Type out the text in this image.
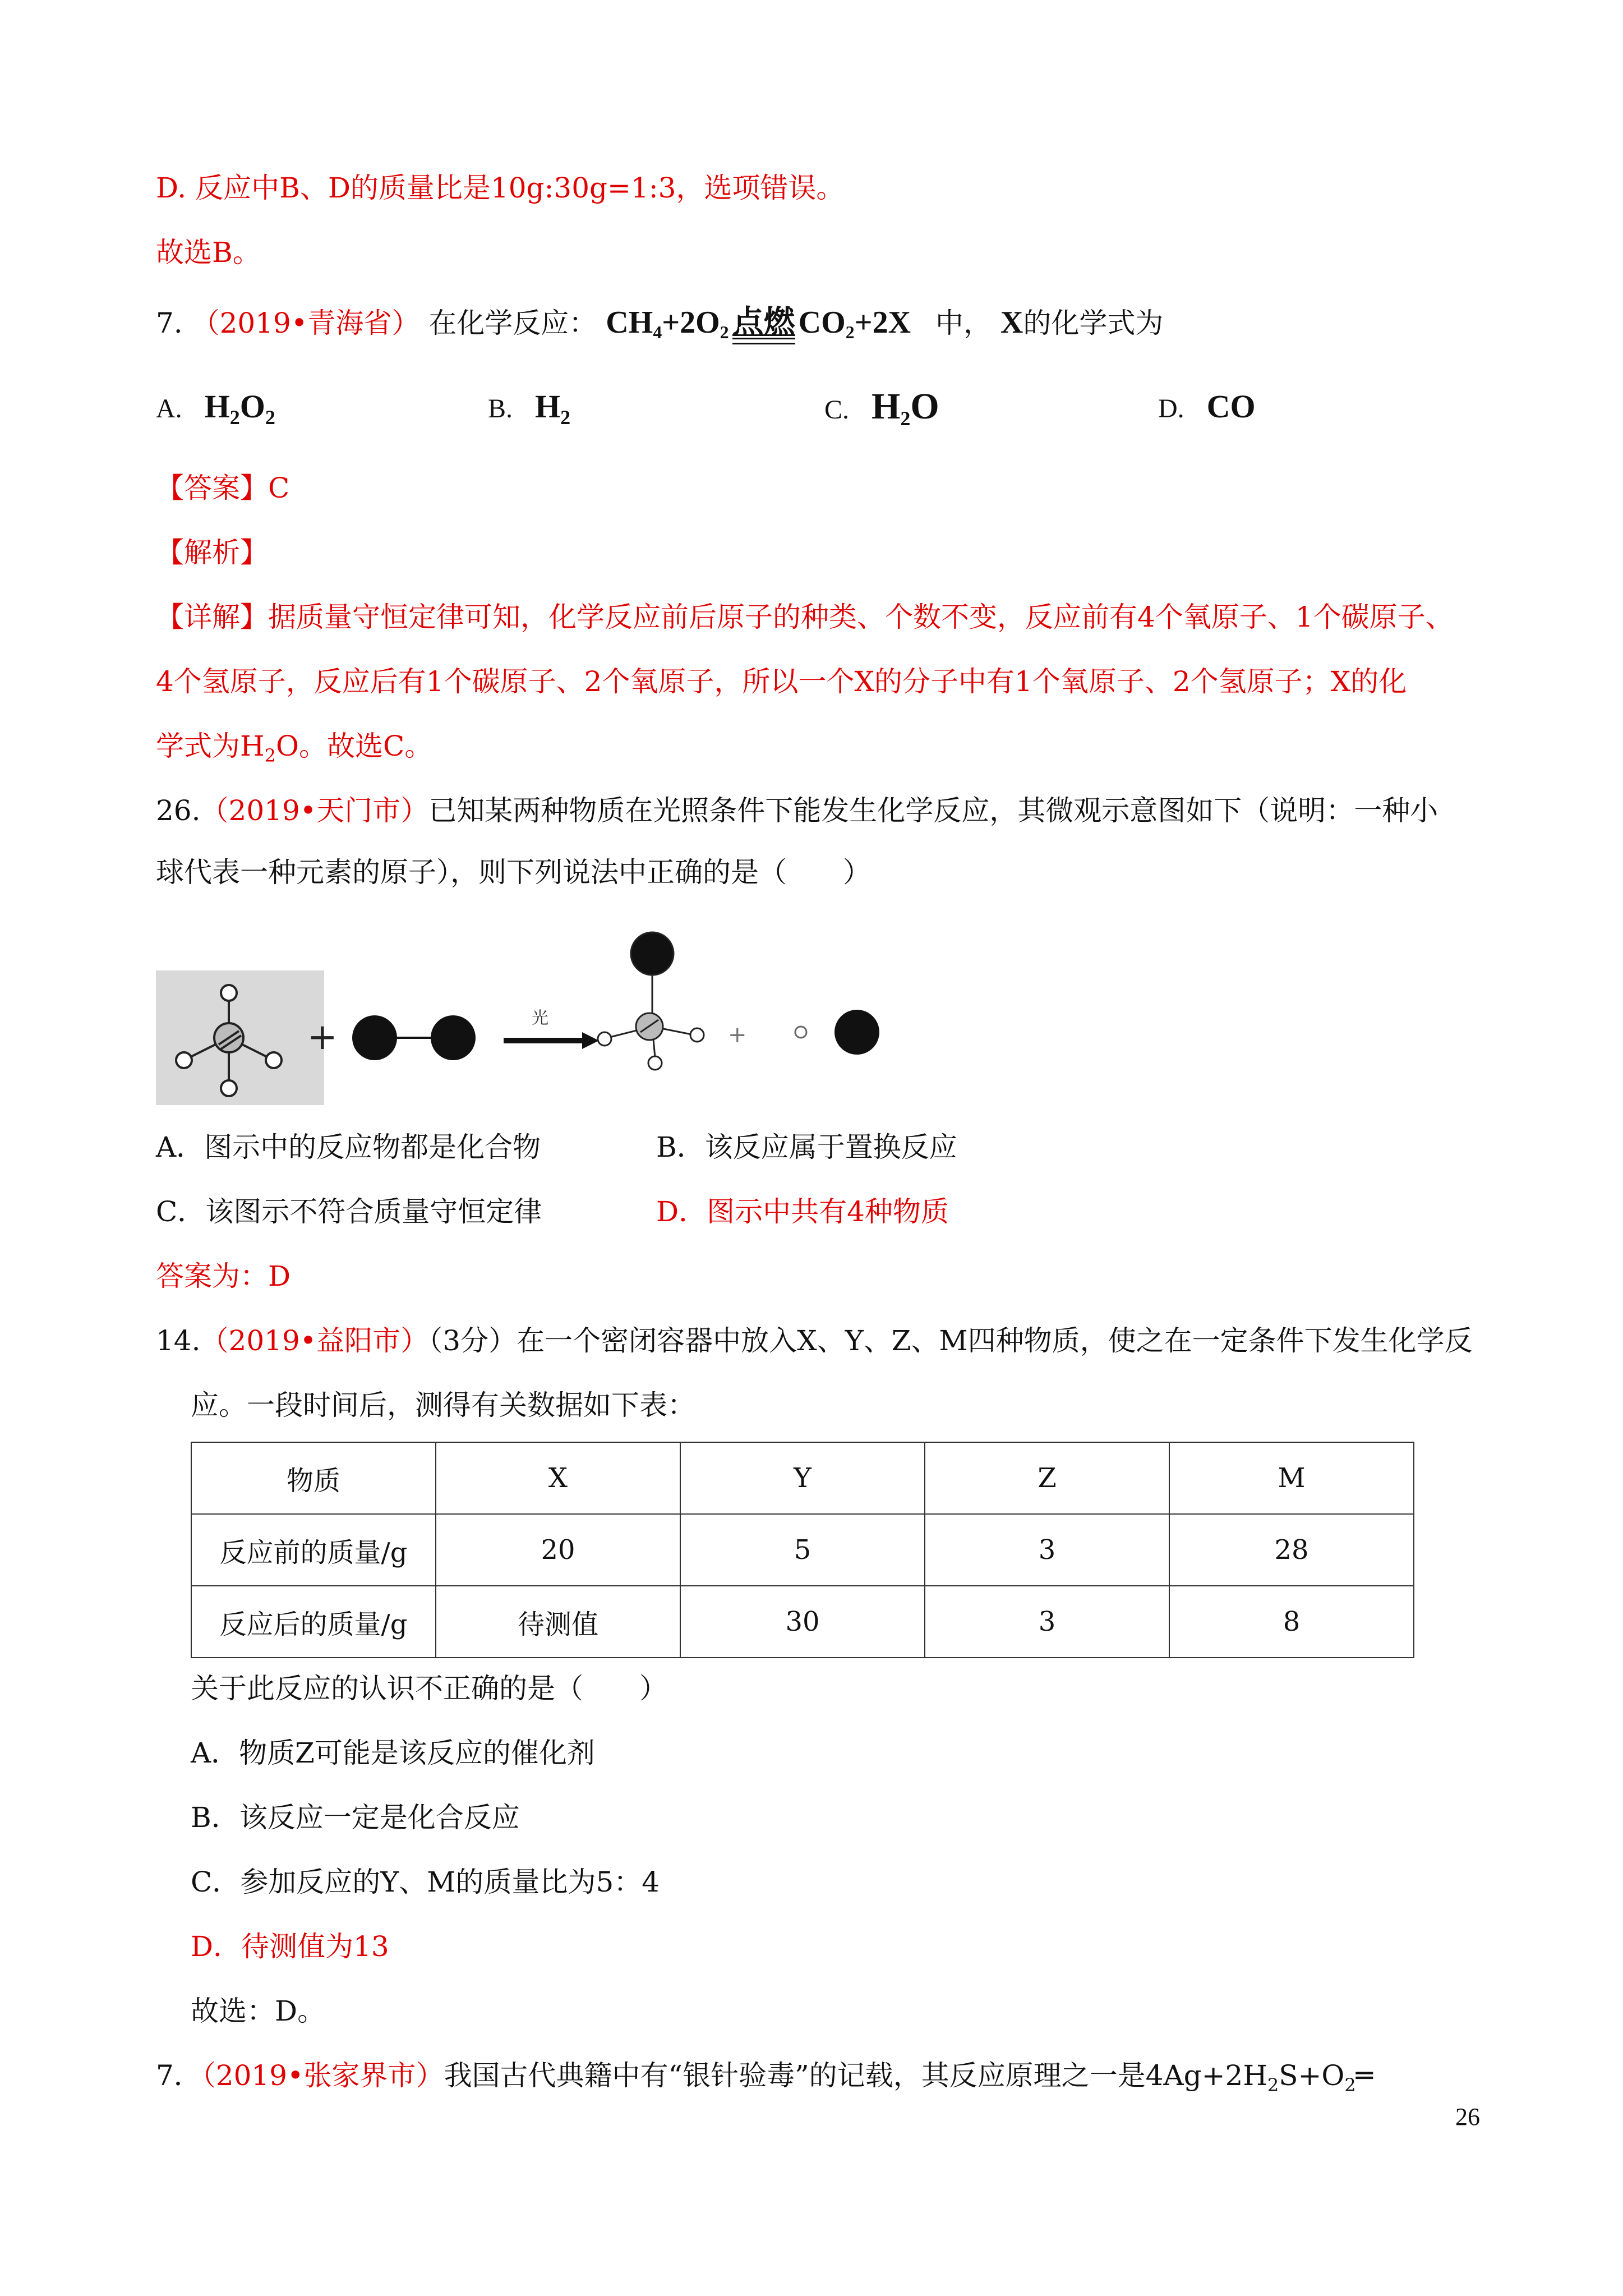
D. 反应中B、D的质量比是10g:30g=1:3，选项错误。
故选B。
7. （2019•青海省） 在化学反应： $CH_4+2O_2$ 点燃 $CO_2+2X$ 中， X的化学式为
A. $H_2O_2$	B. $H_2$	C. $H_2O$	D. CO
【答案】C
【解析】
【详解】据质量守恒定律可知，化学反应前后原子的种类、个数不变，反应前有4个氧原子、1个碳原子、
4个氢原子，反应后有1个碳原子、2个氧原子，所以一个X的分子中有1个氧原子、2个氢原子；X的化
学式为$H_2O$。故选C。
26.（2019•天门市）已知某两种物质在光照条件下能发生化学反应，其微观示意图如下（说明：一种小
球代表一种元素的原子），则下列说法中正确的是（　　）
+	光
+
A．图示中的反应物都是化合物	B．该反应属于置换反应
C．该图示不符合质量守恒定律	D．图示中共有4种物质
答案为：D
14.（2019•益阳市）（3分）在一个密闭容器中放入X、Y、Z、M四种物质，使之在一定条件下发生化学反
应。一段时间后，测得有关数据如下表：
物质	X	Y	Z	M
反应前的质量/g	20	5	3	28
反应后的质量/g	待测值	30	3	8
关于此反应的认识不正确的是（　　）
A．物质Z可能是该反应的催化剂
B．该反应一定是化合反应
C．参加反应的Y、M的质量比为5：4
D．待测值为13
故选：D。
7．（2019•张家界市）我国古代典籍中有“银针验毒”的记载，其反应原理之一是$4Ag+2H_2S+O_2═$
26
